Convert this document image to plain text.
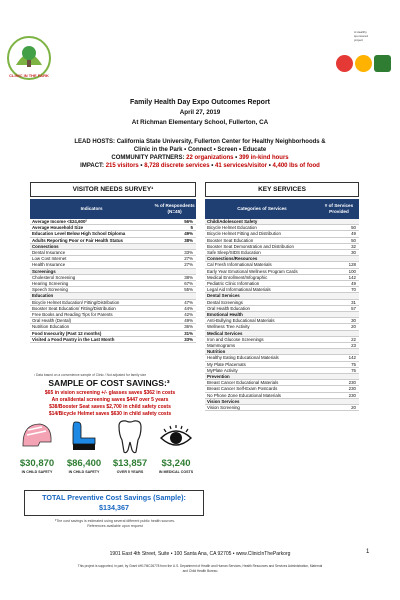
CLINIC IN THE PARK
A Healthy
sponsored
project
Family Health Day Expo Outcomes Report
April 27, 2019
At Richman Elementary School, Fullerton, CA
LEAD HOSTS: California State University, Fullerton Center for Healthy Neighborhoods &
Clinic in the Park • Connect • Screen • Educate
COMMUNITY PARTNERS: 22 organizations • 399 in-kind hours
IMPACT: 215 visitors • 8,728 discrete services • 41 services/visitor • 4,400 lbs of food
VISITOR NEEDS SURVEY¹
Indicators	% of Respondents (N=45)
Average Income <$24,600²	56%
Average Household Size	5
Education Level Below High School Diploma	49%
Adults Reporting Poor or Fair Health Status	38%
Connections	
Dental Insurance	33%
Low Cost Internet	27%
Health Insurance	27%
Screenings	
Cholesterol Screening	38%
Hearing Screening	67%
Speech Screening	55%
Education	
Bicycle Helmet Education/ Fitting/Distribution	47%
Booster Seat Education/ Fitting/Distribution	44%
Free Books and Reading Tips for Parents	42%
Oral Health (Dental)	49%
Nutrition Education	36%
Food Insecurity (Past 12 months)	31%
Visited a Food Pantry in the Last Month	33%
¹ Data based on a convenience sample of Clinic / Not adjusted for family size
KEY SERVICES
Categories of Services	# of Services Provided
Child/Adolescent Safety	
Bicycle Helmet Education	50
Bicycle Helmet Fitting and Distribution	49
Booster Seat Education	50
Booster Seat Demonstration and Distribution	32
Safe Sleep/SIDS Education	30
Connections/Resources	
Cal Fresh Informational Materials	128
Early Year Emotional Wellness Program Cards	100
Medical Enrollment/Infographic	142
Pediatric Clinic Information	49
Legal Aid Informational Materials	70
Dental Services	
Dental Screenings	31
Oral Health Education	57
Emotional Health	
Anti-Bullying Educational Materials	30
Wellness Tree Activity	20
Medical Services	
Iron and Glucose Screenings	22
Mammograms	23
Nutrition	
Healthy Eating Educational Materials	142
My Plate Placemats	75
MyPlate Activity	75
Prevention	
Breast Cancer Educational Materials	230
Breast Cancer Self-Exam Postcards	230
No Phone Zone Educational Materials	230
Vision Services	
Vision Screening	20
SAMPLE OF COST SAVINGS:³
$65 in vision screening +/- glasses saves $362 in costs
An oral/dental screening saves $447 over 5 years
$38/Booster Seat saves $2,700 in child safety costs
$14/Bicycle Helmet saves $630 in child safety costs
$30,870	$86,400	$13,857	$3,240
IN CHILD SAFETY	IN CHILD SAFETY	OVER 5 YEARS	IN MEDICAL COSTS
TOTAL Preventive Cost Savings (Sample):
$134,367
³The cost savings is estimated using several different public health sources.
References available upon request
1901 East 4th Street, Suite • 100 Santa Ana, CA 92705 • www.ClinicInTheParkorg	1
This project is supported, in part, by Grant #H17MC26778 from the U.S. Department of Health and Human Services, Health Resources and Services Administration, Maternal
and Child Health Bureau
